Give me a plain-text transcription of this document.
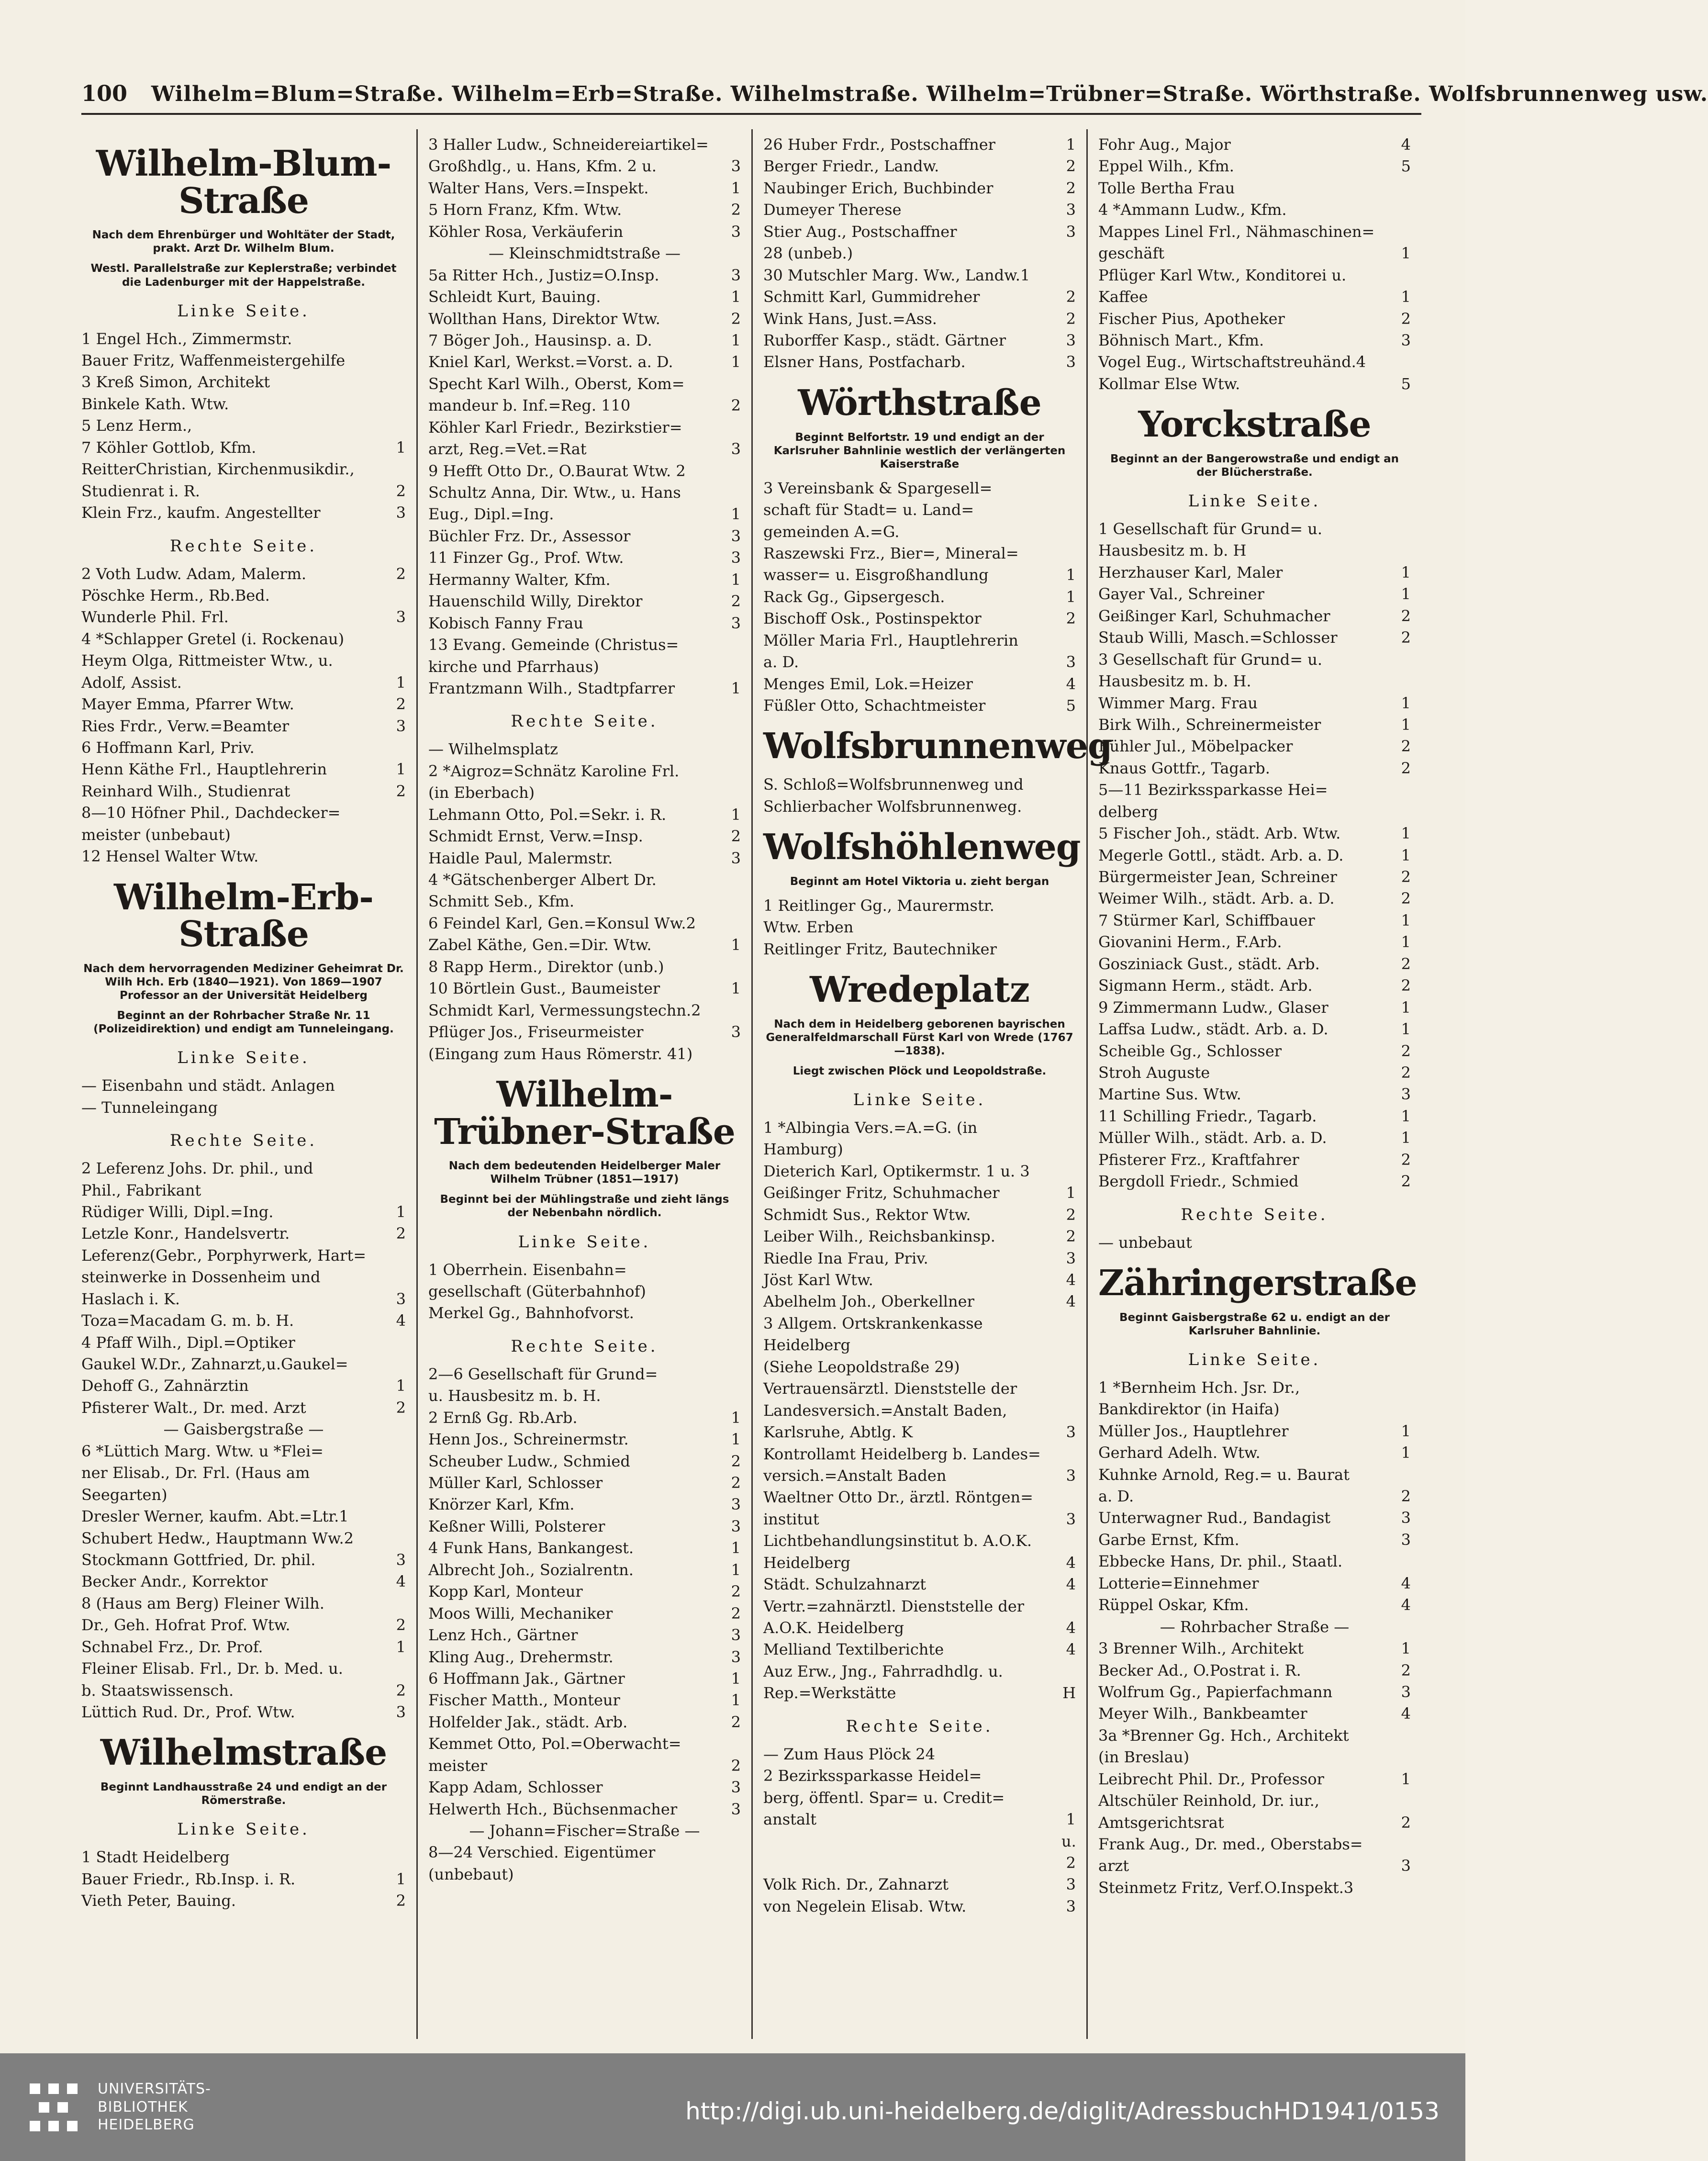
100 Wilhelm=Blum=Straße. Wilhelm=Erb=Straße. Wilhelmstraße. Wilhelm=Trübner=Straße. Wörthstraße. Wolfsbrunnenweg usw.
Wilhelm-Blum-Straße
Nach dem Ehrenbürger und Wohltäter der Stadt, prakt. Arzt Dr. Wilhelm Blum.
Westl. Parallelstraße zur Keplerstraße; verbindet die Ladenburger mit der Happelstraße.
Linke Seite.
1 Engel Hch., Zimmermstr.
Bauer Fritz, Waffenmeistergehilfe
3 Kreß Simon, Architekt
Binkele Kath. Wtw.
5 Lenz Herm.,
7 Köhler Gottlob, Kfm.	1
ReitterChristian, Kirchenmusikdir.,
Studienrat i. R.	2
Klein Frz., kaufm. Angestellter	3
Rechte Seite.
2 Voth Ludw. Adam, Malerm.	2
Pöschke Herm., Rb.Bed.
Wunderle Phil. Frl.	3
4 *Schlapper Gretel (i. Rockenau)
Heym Olga, Rittmeister Wtw., u.
Adolf, Assist.	1
Mayer Emma, Pfarrer Wtw.	2
Ries Frdr., Verw.=Beamter	3
6 Hoffmann Karl, Priv.
Henn Käthe Frl., Hauptlehrerin	1
Reinhard Wilh., Studienrat	2
8—10 Höfner Phil., Dachdecker=
meister (unbebaut)
12 Hensel Walter Wtw.
Wilhelm-Erb-Straße
Nach dem hervorragenden Mediziner Geheimrat Dr. Wilh Hch. Erb (1840—1921). Von 1869—1907 Professor an der Universität Heidelberg
Beginnt an der Rohrbacher Straße Nr. 11 (Polizeidirektion) und endigt am Tunneleingang.
Linke Seite.
— Eisenbahn und städt. Anlagen
— Tunneleingang
Rechte Seite.
2 Leferenz Johs. Dr. phil., und
Phil., Fabrikant
Rüdiger Willi, Dipl.=Ing.	1
Letzle Konr., Handelsvertr.	2
Leferenz(Gebr., Porphyrwerk, Hart=
steinwerke in Dossenheim und
Haslach i. K.	3
Toza=Macadam G. m. b. H.	4
4 Pfaff Wilh., Dipl.=Optiker
Gaukel W.Dr., Zahnarzt,u.Gaukel=
Dehoff G., Zahnärztin	1
Pfisterer Walt., Dr. med. Arzt	2
— Gaisbergstraße —
6 *Lüttich Marg. Wtw. u *Flei=
ner Elisab., Dr. Frl. (Haus am
Seegarten)
Dresler Werner, kaufm. Abt.=Ltr.1
Schubert Hedw., Hauptmann Ww.2
Stockmann Gottfried, Dr. phil.	3
Becker Andr., Korrektor	4
8 (Haus am Berg) Fleiner Wilh.
Dr., Geh. Hofrat Prof. Wtw.	2
Schnabel Frz., Dr. Prof.	1
Fleiner Elisab. Frl., Dr. b. Med. u.
b. Staatswissensch.	2
Lüttich Rud. Dr., Prof. Wtw.	3
Wilhelmstraße
Beginnt Landhausstraße 24 und endigt an der Römerstraße.
Linke Seite.
1 Stadt Heidelberg
Bauer Friedr., Rb.Insp. i. R.	1
Vieth Peter, Bauing.	2
3 Haller Ludw., Schneidereiartikel=
Großhdlg., u. Hans, Kfm. 2 u.	3
Walter Hans, Vers.=Inspekt.	1
5 Horn Franz, Kfm. Wtw.	2
Köhler Rosa, Verkäuferin	3
— Kleinschmidtstraße —
5a Ritter Hch., Justiz=O.Insp.	3
Schleidt Kurt, Bauing.	1
Wollthan Hans, Direktor Wtw.	2
7 Böger Joh., Hausinsp. a. D.	1
Kniel Karl, Werkst.=Vorst. a. D.	1
Specht Karl Wilh., Oberst, Kom=
mandeur b. Inf.=Reg. 110	2
Köhler Karl Friedr., Bezirkstier=
arzt, Reg.=Vet.=Rat	3
9 Hefft Otto Dr., O.Baurat Wtw. 2
Schultz Anna, Dir. Wtw., u. Hans
Eug., Dipl.=Ing.	1
Büchler Frz. Dr., Assessor	3
11 Finzer Gg., Prof. Wtw.	3
Hermanny Walter, Kfm.	1
Hauenschild Willy, Direktor	2
Kobisch Fanny Frau	3
13 Evang. Gemeinde (Christus=
kirche und Pfarrhaus)
Frantzmann Wilh., Stadtpfarrer	1
Rechte Seite.
— Wilhelmsplatz
2 *Aigroz=Schnätz Karoline Frl.
(in Eberbach)
Lehmann Otto, Pol.=Sekr. i. R.	1
Schmidt Ernst, Verw.=Insp.	2
Haidle Paul, Malermstr.	3
4 *Gätschenberger Albert Dr.
Schmitt Seb., Kfm.
6 Feindel Karl, Gen.=Konsul Ww.2
Zabel Käthe, Gen.=Dir. Wtw.	1
8 Rapp Herm., Direktor (unb.)
10 Börtlein Gust., Baumeister	1
Schmidt Karl, Vermessungstechn.2
Pflüger Jos., Friseurmeister	3
(Eingang zum Haus Römerstr. 41)
Wilhelm-Trübner-Straße
Nach dem bedeutenden Heidelberger Maler Wilhelm Trübner (1851—1917)
Beginnt bei der Mühlingstraße und zieht längs der Nebenbahn nördlich.
Linke Seite.
1 Oberrhein. Eisenbahn=
gesellschaft (Güterbahnhof)
Merkel Gg., Bahnhofvorst.
Rechte Seite.
2—6 Gesellschaft für Grund=
u. Hausbesitz m. b. H.
2 Ernß Gg. Rb.Arb.	1
Henn Jos., Schreinermstr.	1
Scheuber Ludw., Schmied	2
Müller Karl, Schlosser	2
Knörzer Karl, Kfm.	3
Keßner Willi, Polsterer	3
4 Funk Hans, Bankangest.	1
Albrecht Joh., Sozialrentn.	1
Kopp Karl, Monteur	2
Moos Willi, Mechaniker	2
Lenz Hch., Gärtner	3
Kling Aug., Drehermstr.	3
6 Hoffmann Jak., Gärtner	1
Fischer Matth., Monteur	1
Holfelder Jak., städt. Arb.	2
Kemmet Otto, Pol.=Oberwacht=
meister	2
Kapp Adam, Schlosser	3
Helwerth Hch., Büchsenmacher	3
— Johann=Fischer=Straße —
8—24 Verschied. Eigentümer
(unbebaut)
26 Huber Frdr., Postschaffner	1
Berger Friedr., Landw.	2
Naubinger Erich, Buchbinder	2
Dumeyer Therese	3
Stier Aug., Postschaffner	3
28 (unbeb.)
30 Mutschler Marg. Ww., Landw.1
Schmitt Karl, Gummidreher	2
Wink Hans, Just.=Ass.	2
Ruborffer Kasp., städt. Gärtner	3
Elsner Hans, Postfacharb.	3
Wörthstraße
Beginnt Belfortstr. 19 und endigt an der Karlsruher Bahnlinie westlich der verlängerten Kaiserstraße
3 Vereinsbank & Spargesell=
schaft für Stadt= u. Land=
gemeinden A.=G.
Raszewski Frz., Bier=, Mineral=
wasser= u. Eisgroßhandlung	1
Rack Gg., Gipsergesch.	1
Bischoff Osk., Postinspektor	2
Möller Maria Frl., Hauptlehrerin
a. D.	3
Menges Emil, Lok.=Heizer	4
Füßler Otto, Schachtmeister	5
Wolfsbrunnenweg
S. Schloß=Wolfsbrunnenweg und
Schlierbacher Wolfsbrunnenweg.
Wolfshöhlenweg
Beginnt am Hotel Viktoria u. zieht bergan
1 Reitlinger Gg., Maurermstr.
Wtw. Erben
Reitlinger Fritz, Bautechniker
Wredeplatz
Nach dem in Heidelberg geborenen bayrischen Generalfeldmarschall Fürst Karl von Wrede (1767—1838).
Liegt zwischen Plöck und Leopoldstraße.
Linke Seite.
1 *Albingia Vers.=A.=G. (in
Hamburg)
Dieterich Karl, Optikermstr. 1 u. 3
Geißinger Fritz, Schuhmacher	1
Schmidt Sus., Rektor Wtw.	2
Leiber Wilh., Reichsbankinsp.	2
Riedle Ina Frau, Priv.	3
Jöst Karl Wtw.	4
Abelhelm Joh., Oberkellner	4
3 Allgem. Ortskrankenkasse
Heidelberg
(Siehe Leopoldstraße 29)
Vertrauensärztl. Dienststelle der
Landesversich.=Anstalt Baden,
Karlsruhe, Abtlg. K	3
Kontrollamt Heidelberg b. Landes=
versich.=Anstalt Baden	3
Waeltner Otto Dr., ärztl. Röntgen=
institut	3
Lichtbehandlungsinstitut b. A.O.K.
Heidelberg	4
Städt. Schulzahnarzt	4
Vertr.=zahnärztl. Dienststelle der
A.O.K. Heidelberg	4
Melliand Textilberichte	4
Auz Erw., Jng., Fahrradhdlg. u.
Rep.=Werkstätte	H
Rechte Seite.
— Zum Haus Plöck 24
2 Bezirkssparkasse Heidel=
berg, öffentl. Spar= u. Credit=
anstalt	1 u. 2
Volk Rich. Dr., Zahnarzt	3
von Negelein Elisab. Wtw.	3
Fohr Aug., Major	4
Eppel Wilh., Kfm.	5
Tolle Bertha Frau
4 *Ammann Ludw., Kfm.
Mappes Linel Frl., Nähmaschinen=
geschäft	1
Pflüger Karl Wtw., Konditorei u.
Kaffee	1
Fischer Pius, Apotheker	2
Böhnisch Mart., Kfm.	3
Vogel Eug., Wirtschaftstreuhänd.4
Kollmar Else Wtw.	5
Yorckstraße
Beginnt an der Bangerowstraße und endigt an der Blücherstraße.
Linke Seite.
1 Gesellschaft für Grund= u.
Hausbesitz m. b. H
Herzhauser Karl, Maler	1
Gayer Val., Schreiner	1
Geißinger Karl, Schuhmacher	2
Staub Willi, Masch.=Schlosser	2
3 Gesellschaft für Grund= u.
Hausbesitz m. b. H.
Wimmer Marg. Frau	1
Birk Wilh., Schreinermeister	1
Bühler Jul., Möbelpacker	2
Knaus Gottfr., Tagarb.	2
5—11 Bezirkssparkasse Hei=
delberg
5 Fischer Joh., städt. Arb. Wtw.	1
Megerle Gottl., städt. Arb. a. D.	1
Bürgermeister Jean, Schreiner	2
Weimer Wilh., städt. Arb. a. D.	2
7 Stürmer Karl, Schiffbauer	1
Giovanini Herm., F.Arb.	1
Gosziniack Gust., städt. Arb.	2
Sigmann Herm., städt. Arb.	2
9 Zimmermann Ludw., Glaser	1
Laffsa Ludw., städt. Arb. a. D.	1
Scheible Gg., Schlosser	2
Stroh Auguste	2
Martine Sus. Wtw.	3
11 Schilling Friedr., Tagarb.	1
Müller Wilh., städt. Arb. a. D.	1
Pfisterer Frz., Kraftfahrer	2
Bergdoll Friedr., Schmied	2
Rechte Seite.
— unbebaut
Zähringerstraße
Beginnt Gaisbergstraße 62 u. endigt an der Karlsruher Bahnlinie.
Linke Seite.
1 *Bernheim Hch. Jsr. Dr.,
Bankdirektor (in Haifa)
Müller Jos., Hauptlehrer	1
Gerhard Adelh. Wtw.	1
Kuhnke Arnold, Reg.= u. Baurat
a. D.	2
Unterwagner Rud., Bandagist	3
Garbe Ernst, Kfm.	3
Ebbecke Hans, Dr. phil., Staatl.
Lotterie=Einnehmer	4
Rüppel Oskar, Kfm.	4
— Rohrbacher Straße —
3 Brenner Wilh., Architekt	1
Becker Ad., O.Postrat i. R.	2
Wolfrum Gg., Papierfachmann	3
Meyer Wilh., Bankbeamter	4
3a *Brenner Gg. Hch., Architekt
(in Breslau)
Leibrecht Phil. Dr., Professor	1
Altschüler Reinhold, Dr. iur.,
Amtsgerichtsrat	2
Frank Aug., Dr. med., Oberstabs=
arzt	3
Steinmetz Fritz, Verf.O.Inspekt.3
UNIVERSITÄTS-
BIBLIOTHEK
HEIDELBERG	http://digi.ub.uni-heidelberg.de/diglit/AdressbuchHD1941/0153
